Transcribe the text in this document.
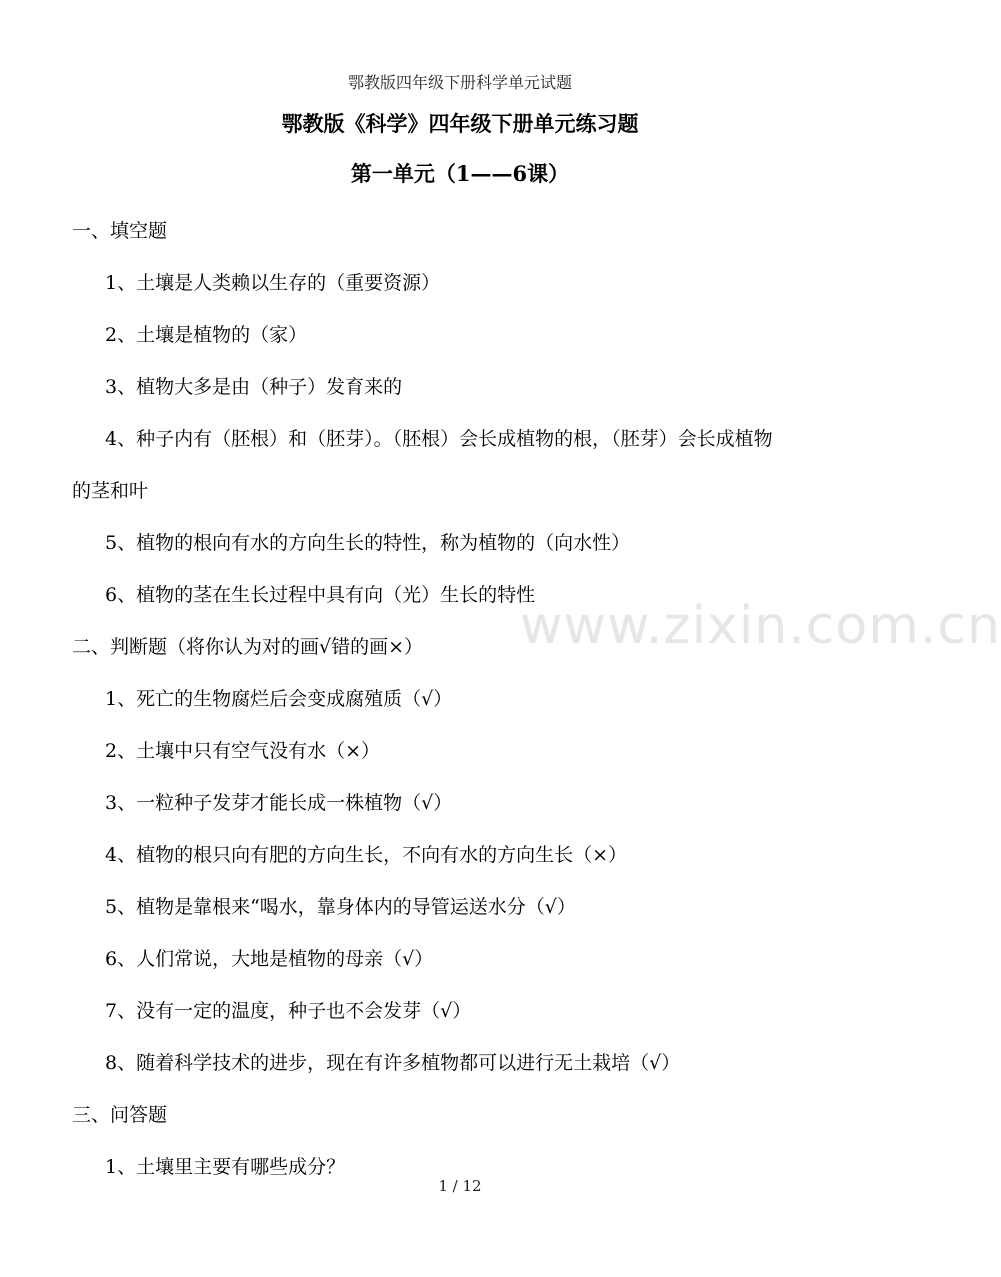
鄂教版四年级下册科学单元试题
鄂教版《科学》四年级下册单元练习题
第一单元（1——6课）
一、填空题
1、土壤是人类赖以生存的（重要资源）
2、土壤是植物的（家）
3、植物大多是由（种子）发育来的
4、种子内有（胚根）和（胚芽）。（胚根）会长成植物的根，（胚芽）会长成植物
的茎和叶
5、植物的根向有水的方向生长的特性，称为植物的（向水性）
6、植物的茎在生长过程中具有向（光）生长的特性
二、判断题（将你认为对的画√错的画×）
1、死亡的生物腐烂后会变成腐殖质（√）
2、土壤中只有空气没有水（×）
3、一粒种子发芽才能长成一株植物（√）
4、植物的根只向有肥的方向生长，不向有水的方向生长（×）
5、植物是靠根来“喝水，靠身体内的导管运送水分（√）
6、人们常说，大地是植物的母亲（√）
7、没有一定的温度，种子也不会发芽（√）
8、随着科学技术的进步，现在有许多植物都可以进行无土栽培（√）
三、问答题
1、土壤里主要有哪些成分？
www.zixin.com.cn
1 / 12
